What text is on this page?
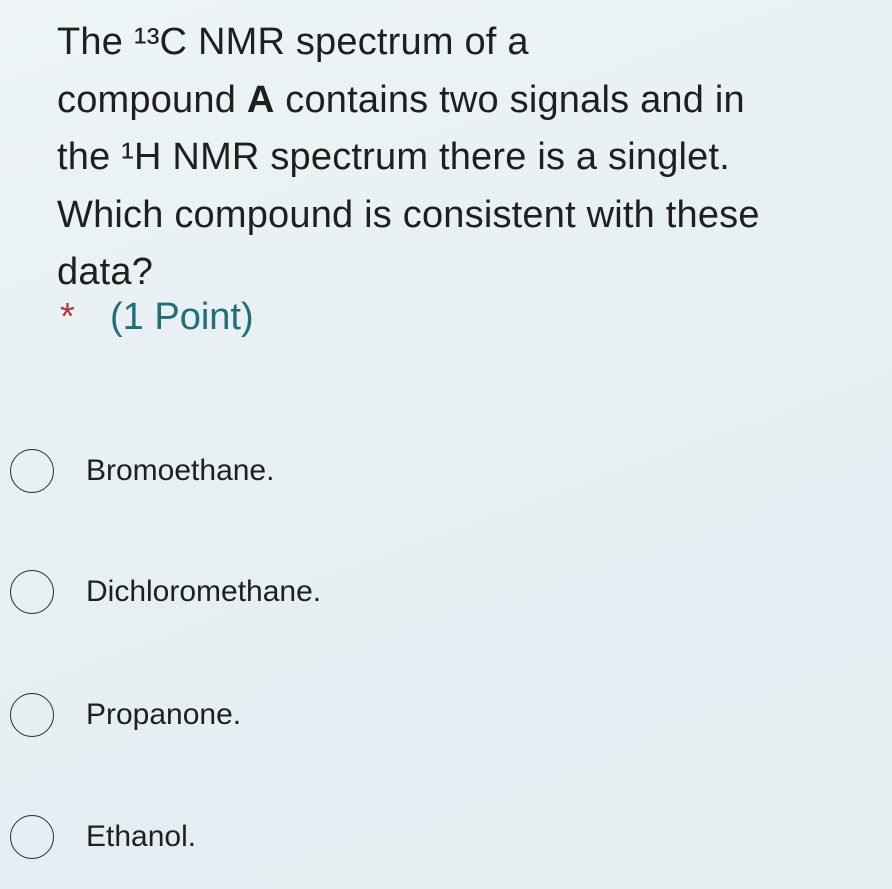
The ¹³C NMR spectrum of a
compound A contains two signals and in
the ¹H NMR spectrum there is a singlet.
Which compound is consistent with these
data?
* (1 Point)
Bromoethane.
Dichloromethane.
Propanone.
Ethanol.
